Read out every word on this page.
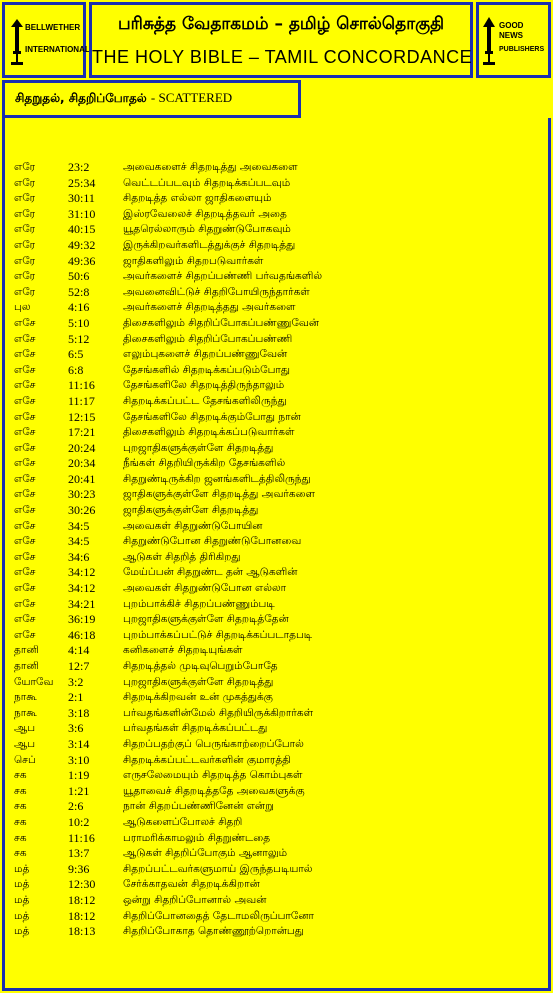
BELLWETHER
INTERNATIONAL
பரிசுத்த வேதாகமம் – தமிழ் சொல்தொகுதி
THE HOLY BIBLE – TAMIL CONCORDANCE
GOOD NEWS
PUBLISHERS
சிதறுதல், சிதறிப்போதல் - SCATTERED
எரே	23:2	அவைகளைச் சிதறடித்து அவைகளை
எரே	25:34	வெட்டப்படவும் சிதறடிக்கப்படவும்
எரே	30:11	சிதறடித்த எல்லா ஜாதிகளையும்
எரே	31:10	இஸ்ரவேலைச் சிதறடித்தவர் அதை
எரே	40:15	யூதரெல்லாரும் சிதறுண்டுபோகவும்
எரே	49:32	இருக்கிறவர்களிடத்துக்குச் சிதறடித்து
எரே	49:36	ஜாதிகளிலும் சிதறபடுவார்கள்
எரே	50:6	அவர்களைச் சிதறப்பண்ணி பர்வதங்களில்
எரே	52:8	அவனைவிட்டுச் சிதறிபோயிருந்தார்கள்
புல	4:16	அவர்களைச் சிதறடித்தது அவர்களை
எசே	5:10	திசைகளிலும் சிதறிப்போகப்பண்ணுவேன்
எசே	5:12	திசைகளிலும் சிதறிப்போகப்பண்ணி
எசே	6:5	எலும்புகளைச் சிதறப்பண்ணுவேன்
எசே	6:8	தேசங்களில் சிதறடிக்கப்படும்போது
எசே	11:16	தேசங்களிலே சிதறடித்திருந்தாலும்
எசே	11:17	சிதறடிக்கப்பட்ட தேசங்களிலிருந்து
எசே	12:15	தேசங்களிலே சிதறடிக்கும்போது நான்
எசே	17:21	திசைகளிலும் சிதறடிக்கப்படுவார்கள்
எசே	20:24	புறஜாதிகளுக்குள்ளே சிதறடித்து
எசே	20:34	நீங்கள் சிதறியிருக்கிற தேசங்களில்
எசே	20:41	சிதறுண்டிருக்கிற ஜனங்களிடத்திலிருந்து
எசே	30:23	ஜாதிகளுக்குள்ளே சிதறடித்து அவர்களை
எசே	30:26	ஜாதிகளுக்குள்ளே சிதறடித்து
எசே	34:5	அவைகள் சிதறுண்டுபோயின
எசே	34:5	சிதறுண்டுபோன சிதறுண்டுபோனவை
எசே	34:6	ஆடுகள் சிதறித் திரிகிறது
எசே	34:12	மேய்ப்பன் சிதறுண்ட தன் ஆடுகளின்
எசே	34:12	அவைகள் சிதறுண்டுபோன எல்லா
எசே	34:21	புறம்பாக்கிச் சிதறப்பண்ணும்படி
எசே	36:19	புறஜாதிகளுக்குள்ளே சிதறடித்தேன்
எசே	46:18	புறம்பாக்கப்பட்டுச் சிதறடிக்கப்படாதபடி
தானி 4:14	கனிகளைச் சிதறடியுங்கள்
தானி 12:7	சிதறடித்தல் முடிவுபெறும்போதே
யோவே 3:2	புறஜாதிகளுக்குள்ளே சிதறடித்து
நாகூ	2:1	சிதறடிக்கிறவன் உன் முகத்துக்கு
நாகூ	3:18	பர்வதங்களின்மேல் சிதறியிருக்கிறார்கள்
ஆப	3:6	பர்வதங்கள் சிதறடிக்கப்பட்டது
ஆப	3:14	சிதறப்பதற்குப் பெருங்காற்றைப்போல்
செப்	3:10	சிதறடிக்கப்பட்டவர்களின் குமாரத்தி
சக	1:19	எருசலேமையும் சிதறடித்த கொம்புகள்
சக	1:21	யூதாவைச் சிதறடித்ததே அவைகளுக்கு
சக	2:6	நான் சிதறப்பண்ணினேன் என்று
சக	10:2	ஆடுகளைப்போலச் சிதறி
சக	11:16	பராமரிக்காமலும் சிதறுண்டதை
சக	13:7	ஆடுகள் சிதறிப்போகும் ஆனாலும்
மத்	9:36	சிதறப்பட்டவர்களுமாய் இருந்தபடியால்
மத்	12:30	சேர்க்காதவன் சிதறடிக்கிறான்
மத்	18:12	ஒன்று சிதறிப்போனால் அவன்
மத்	18:12	சிதறிப்போனதைத் தேடாமலிருப்பானோ
மத்	18:13	சிதறிப்போகாத தொண்ணூற்றொன்பது
